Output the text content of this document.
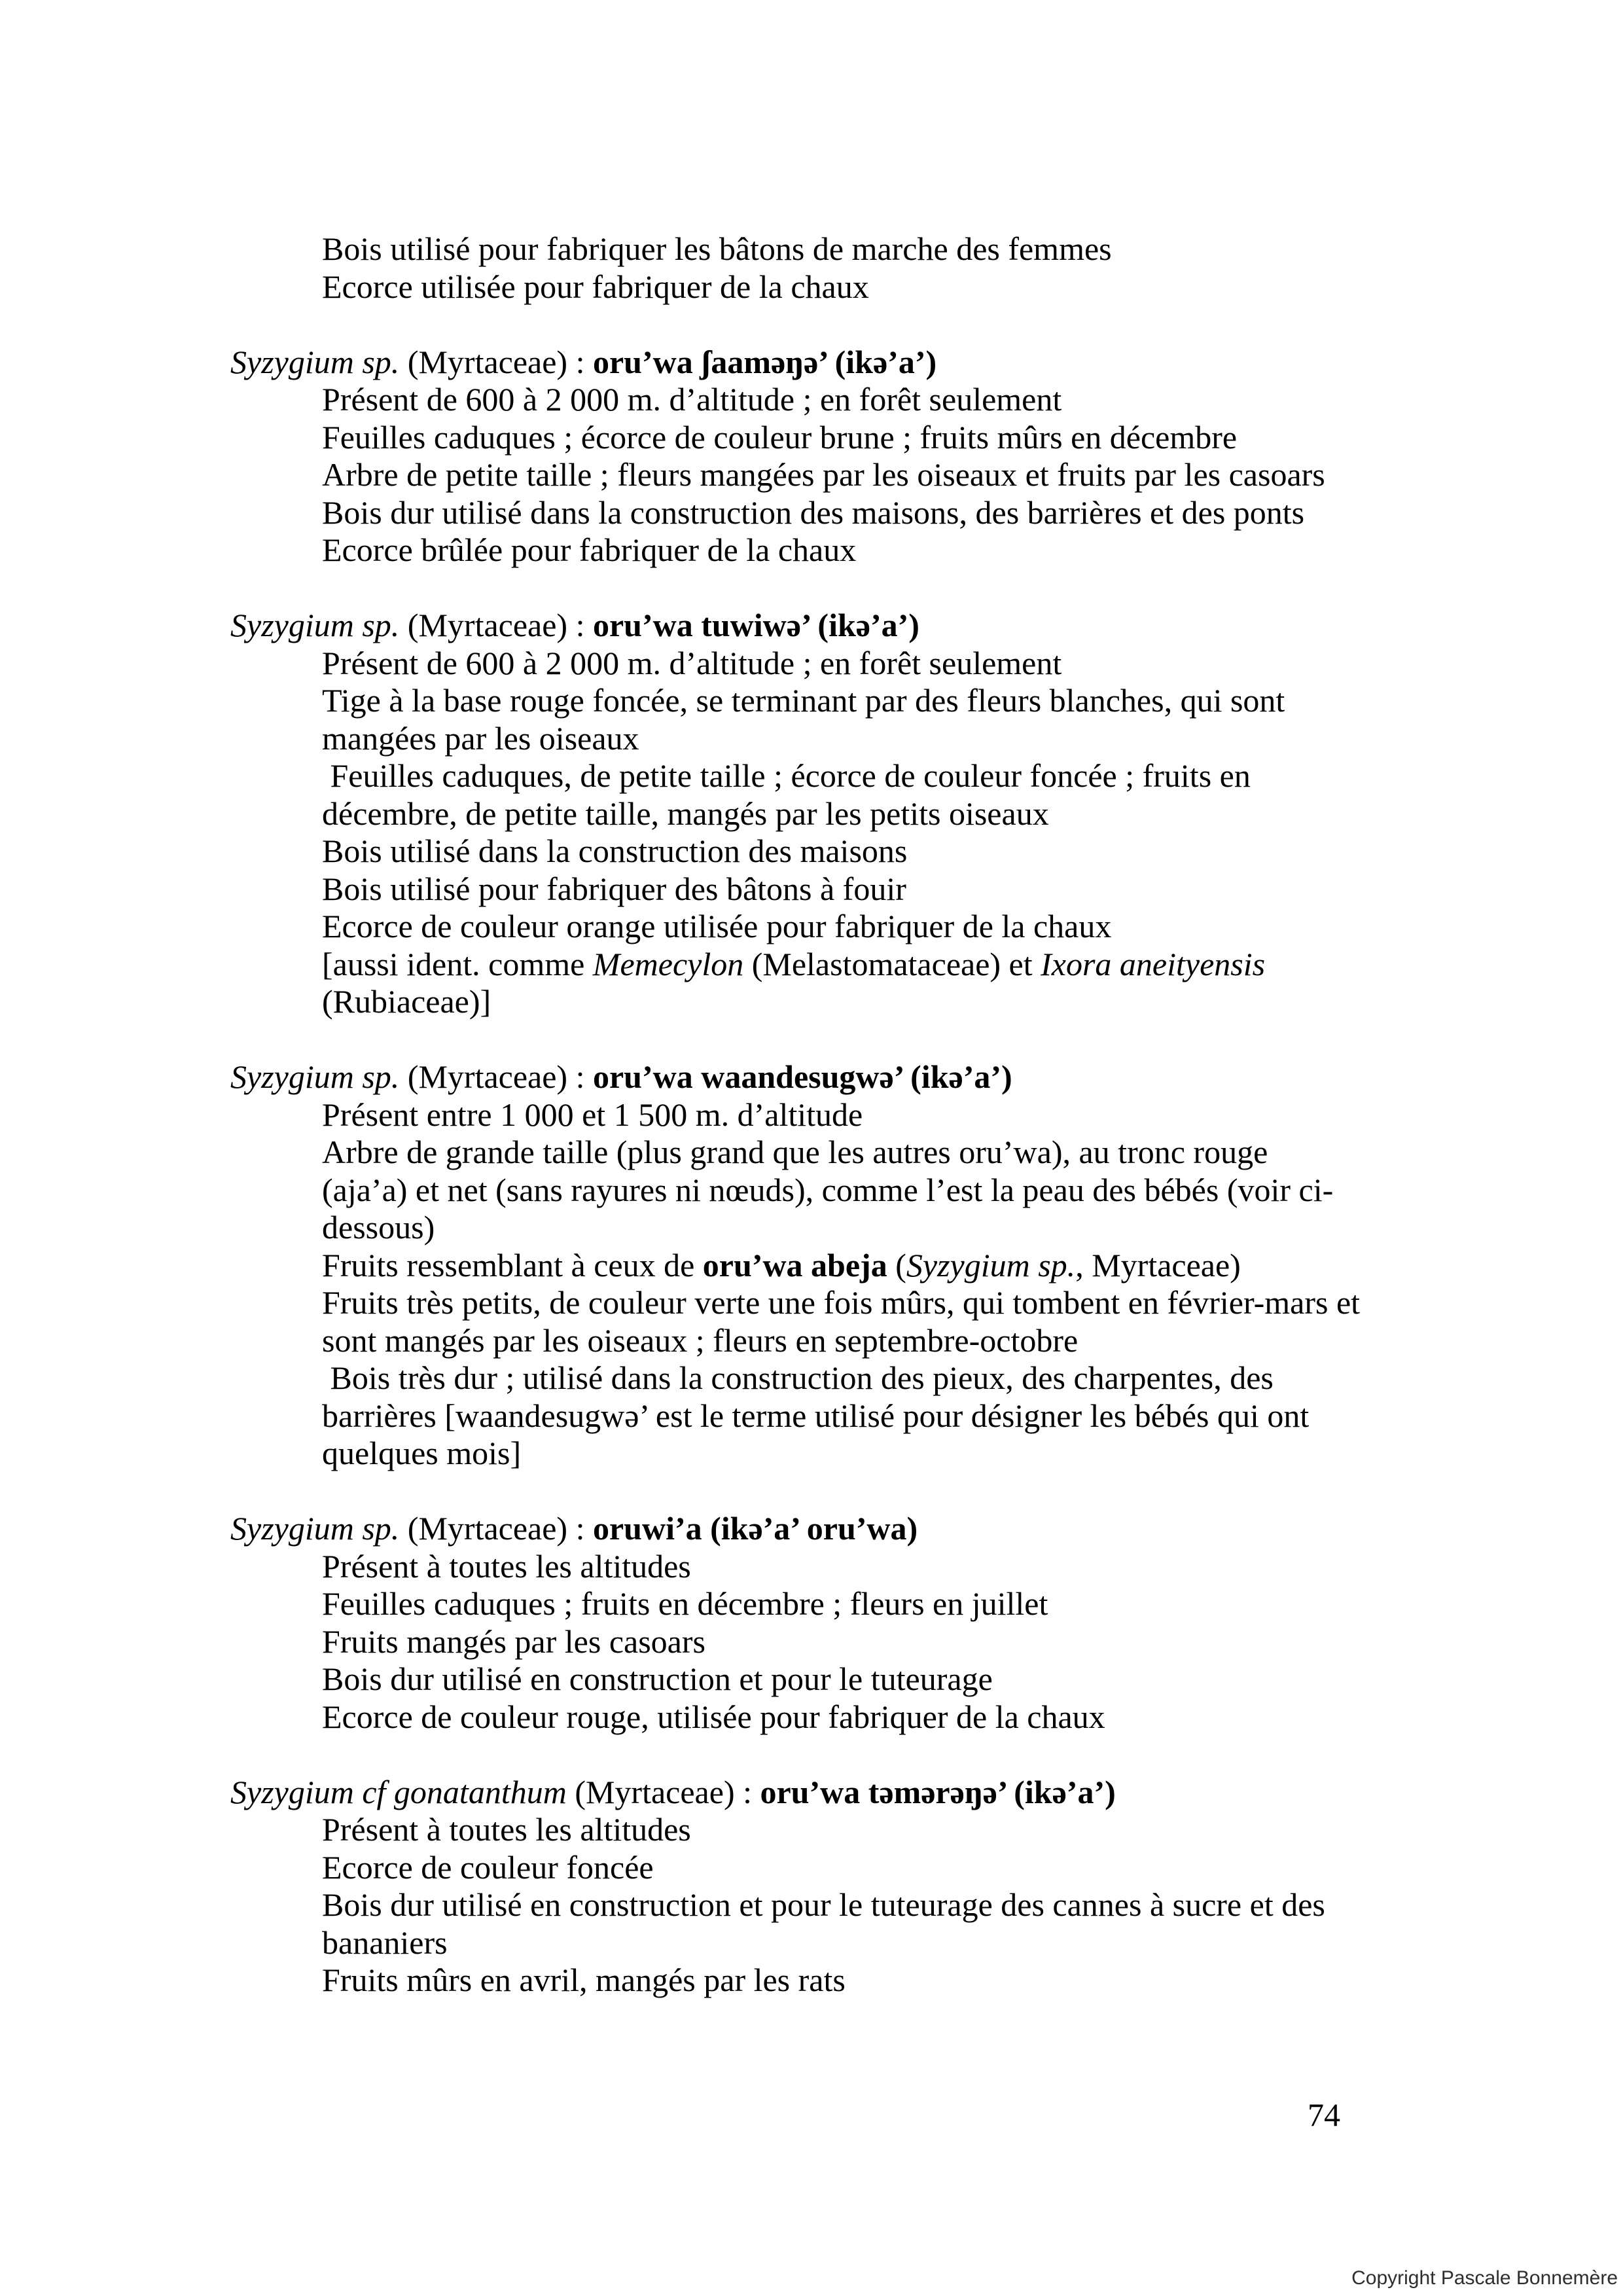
Bois utilisé pour fabriquer les bâtons de marche des femmes
Ecorce utilisée pour fabriquer de la chaux
Syzygium sp. (Myrtaceae) : oru’wa ʃaaməŋə’ (ikə’a’)
Présent de 600 à 2 000 m. d’altitude ; en forêt seulement
Feuilles caduques ; écorce de couleur brune ; fruits mûrs en décembre
Arbre de petite taille ; fleurs mangées par les oiseaux et fruits par les casoars
Bois dur utilisé dans la construction des maisons, des barrières et des ponts
Ecorce brûlée pour fabriquer de la chaux
Syzygium sp. (Myrtaceae) : oru’wa tuwiwə’ (ikə’a’)
Présent de 600 à 2 000 m. d’altitude ; en forêt seulement
Tige à la base rouge foncée, se terminant par des fleurs blanches, qui sont
mangées par les oiseaux
Feuilles caduques, de petite taille ; écorce de couleur foncée ; fruits en
décembre, de petite taille, mangés par les petits oiseaux
Bois utilisé dans la construction des maisons
Bois utilisé pour fabriquer des bâtons à fouir
Ecorce de couleur orange utilisée pour fabriquer de la chaux
[aussi ident. comme Memecylon (Melastomataceae) et Ixora aneityensis
(Rubiaceae)]
Syzygium sp. (Myrtaceae) : oru’wa waandesugwə’ (ikə’a’)
Présent entre 1 000 et 1 500 m. d’altitude
Arbre de grande taille (plus grand que les autres oru’wa), au tronc rouge
(aja’a) et net (sans rayures ni nœuds), comme l’est la peau des bébés (voir ci-
dessous)
Fruits ressemblant à ceux de oru’wa abeja (Syzygium sp., Myrtaceae)
Fruits très petits, de couleur verte une fois mûrs, qui tombent en février-mars et
sont mangés par les oiseaux ; fleurs en septembre-octobre
Bois très dur ; utilisé dans la construction des pieux, des charpentes, des
barrières [waandesugwə’ est le terme utilisé pour désigner les bébés qui ont
quelques mois]
Syzygium sp. (Myrtaceae) : oruwi’a (ikə’a’ oru’wa)
Présent à toutes les altitudes
Feuilles caduques ; fruits en décembre ; fleurs en juillet
Fruits mangés par les casoars
Bois dur utilisé en construction et pour le tuteurage
Ecorce de couleur rouge, utilisée pour fabriquer de la chaux
Syzygium cf gonatanthum (Myrtaceae) : oru’wa təmərəŋə’ (ikə’a’)
Présent à toutes les altitudes
Ecorce de couleur foncée
Bois dur utilisé en construction et pour le tuteurage des cannes à sucre et des
bananiers
Fruits mûrs en avril, mangés par les rats
74
Copyright Pascale Bonnemère
